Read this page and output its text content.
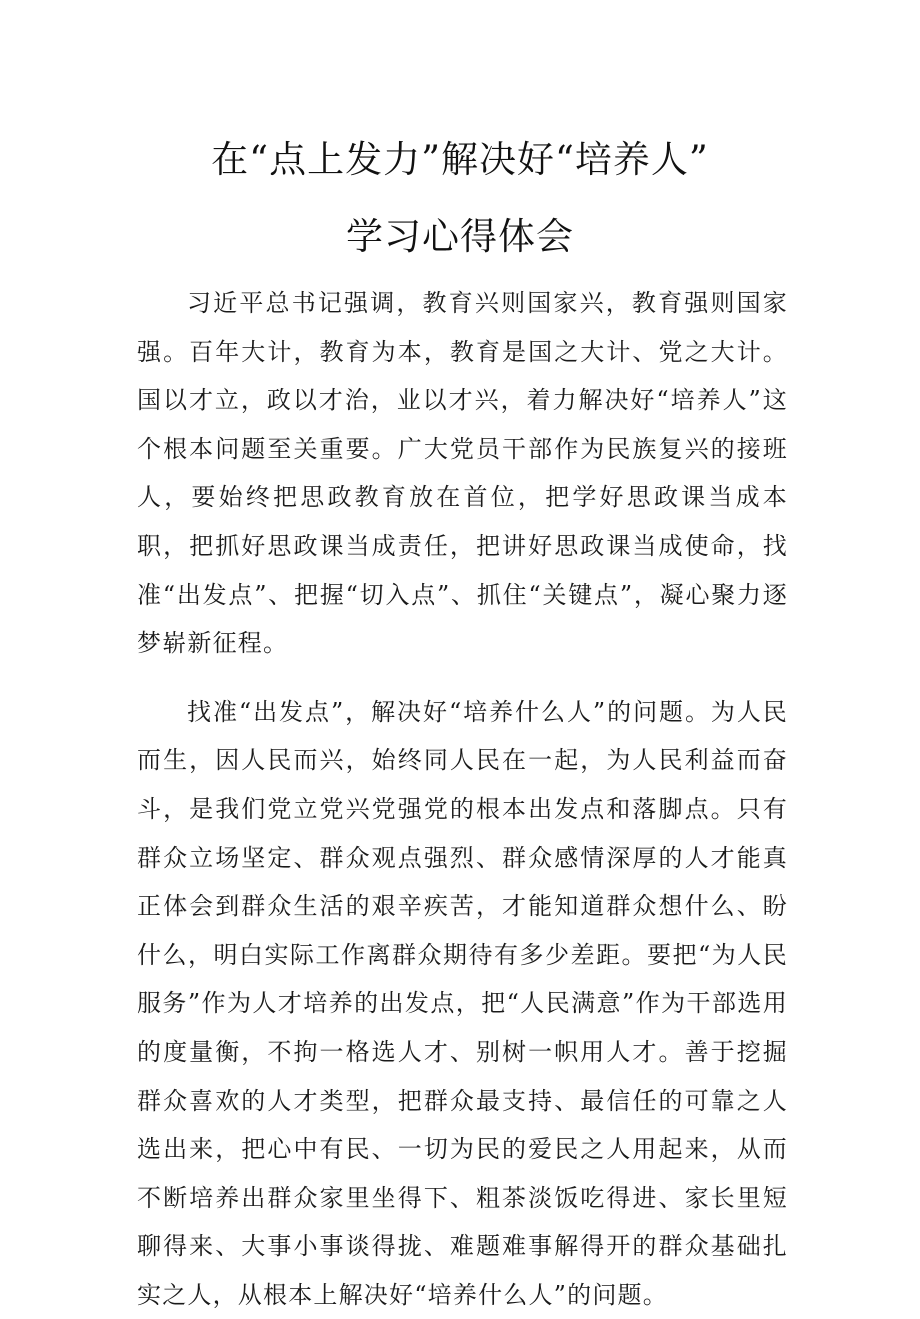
在“点上发力”解决好“培养人”
学习心得体会

习近平总书记强调，教育兴则国家兴，教育强则国家强。百年大计，教育为本，教育是国之大计、党之大计。国以才立，政以才治，业以才兴，着力解决好“培养人”这个根本问题至关重要。广大党员干部作为民族复兴的接班人，要始终把思政教育放在首位，把学好思政课当成本职，把抓好思政课当成责任，把讲好思政课当成使命，找准“出发点”、把握“切入点”、抓住“关键点”，凝心聚力逐梦崭新征程。

找准“出发点”，解决好“培养什么人”的问题。为人民而生，因人民而兴，始终同人民在一起，为人民利益而奋斗，是我们党立党兴党强党的根本出发点和落脚点。只有群众立场坚定、群众观点强烈、群众感情深厚的人才能真正体会到群众生活的艰辛疾苦，才能知道群众想什么、盼什么，明白实际工作离群众期待有多少差距。要把“为人民服务”作为人才培养的出发点，把“人民满意”作为干部选用的度量衡，不拘一格选人才、别树一帜用人才。善于挖掘群众喜欢的人才类型，把群众最支持、最信任的可靠之人选出来，把心中有民、一切为民的爱民之人用起来，从而不断培养出群众家里坐得下、粗茶淡饭吃得进、家长里短聊得来、大事小事谈得拢、难题难事解得开的群众基础扎实之人，从根本上解决好“培养什么人”的问题。
